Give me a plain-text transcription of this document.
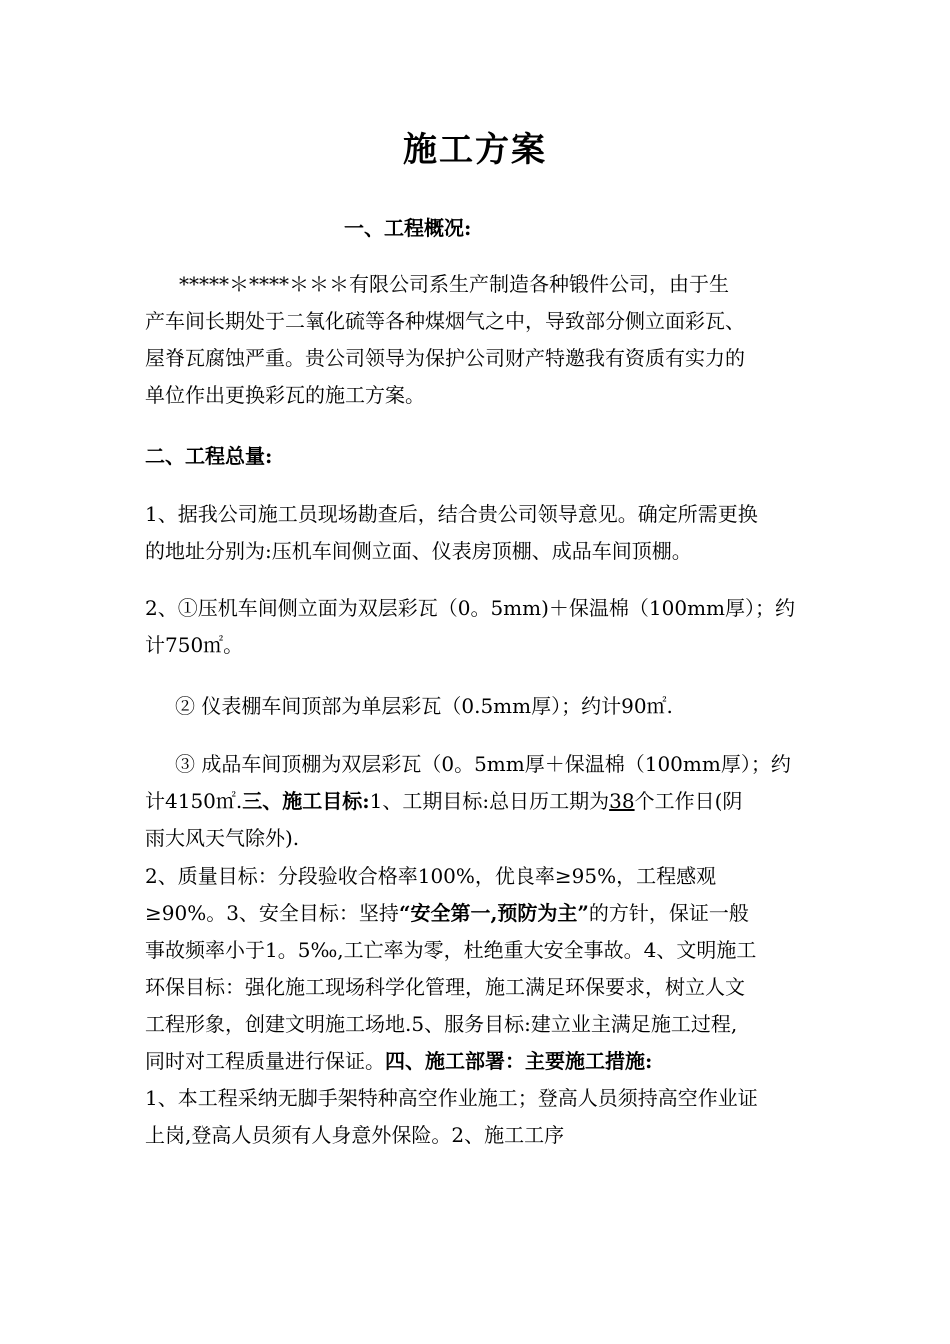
施工方案
一、工程概况:
*****＊****＊＊＊有限公司系生产制造各种锻件公司，由于生
产车间长期处于二氧化硫等各种煤烟气之中，导致部分侧立面彩瓦、
屋脊瓦腐蚀严重。贵公司领导为保护公司财产特邀我有资质有实力的
单位作出更换彩瓦的施工方案。
二、工程总量:
1、据我公司施工员现场勘查后，结合贵公司领导意见。确定所需更换
的地址分别为:压机车间侧立面、仪表房顶棚、成品车间顶棚。
2、①压机车间侧立面为双层彩瓦（0。5mm)＋保温棉（100mm厚）；约
计750㎡。
② 仪表棚车间顶部为单层彩瓦（0.5mm厚）；约计90㎡.
③ 成品车间顶棚为双层彩瓦（0。5mm厚＋保温棉（100mm厚）；约
计4150㎡.三、施工目标:1、工期目标:总日历工期为38个工作日(阴
雨大风天气除外).
2、质量目标：分段验收合格率100%，优良率≥95%，工程感观
≥90%。3、安全目标：坚持“安全第一,预防为主”的方针，保证一般
事故频率小于1。5‰,工亡率为零，杜绝重大安全事故。4、文明施工
环保目标：强化施工现场科学化管理，施工满足环保要求，树立人文
工程形象，创建文明施工场地.5、服务目标:建立业主满足施工过程,
同时对工程质量进行保证。四、施工部署：主要施工措施:
1、本工程采纳无脚手架特种高空作业施工；登高人员须持高空作业证
上岗,登高人员须有人身意外保险。2、施工工序
